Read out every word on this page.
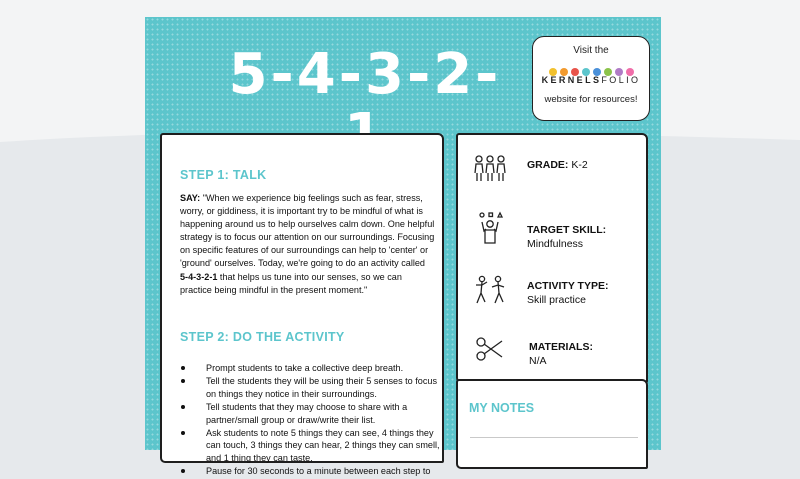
5-4-3-2-	Visit the
KERNELSFOLIO
website for resources!
STEP 1: TALK
SAY: "When we experience big feelings such as fear, stress, worry, or giddiness, it is important try to be mindful of what is happening around us to help ourselves calm down. One helpful strategy is to focus our attention on our surroundings. Focusing on specific features of our surroundings can help to 'center' or 'ground' ourselves. Today, we're going to do an activity called 5-4-3-2-1 that helps us tune into our senses, so we can practice being mindful in the present moment."
STEP 2: DO THE ACTIVITY
Prompt students to take a collective deep breath.
Tell the students they will be using their 5 senses to focus on things they notice in their surroundings.
Tell students that they may choose to share with a partner/small group or draw/write their list.
Ask students to note 5 things they can see, 4 things they can touch, 3 things they can hear, 2 things they can smell, and 1 thing they can taste.
Pause for 30 seconds to a minute between each step to
GRADE: K-2
TARGET SKILL:
Mindfulness
ACTIVITY TYPE:
Skill practice
MATERIALS:
N/A
MY NOTES
